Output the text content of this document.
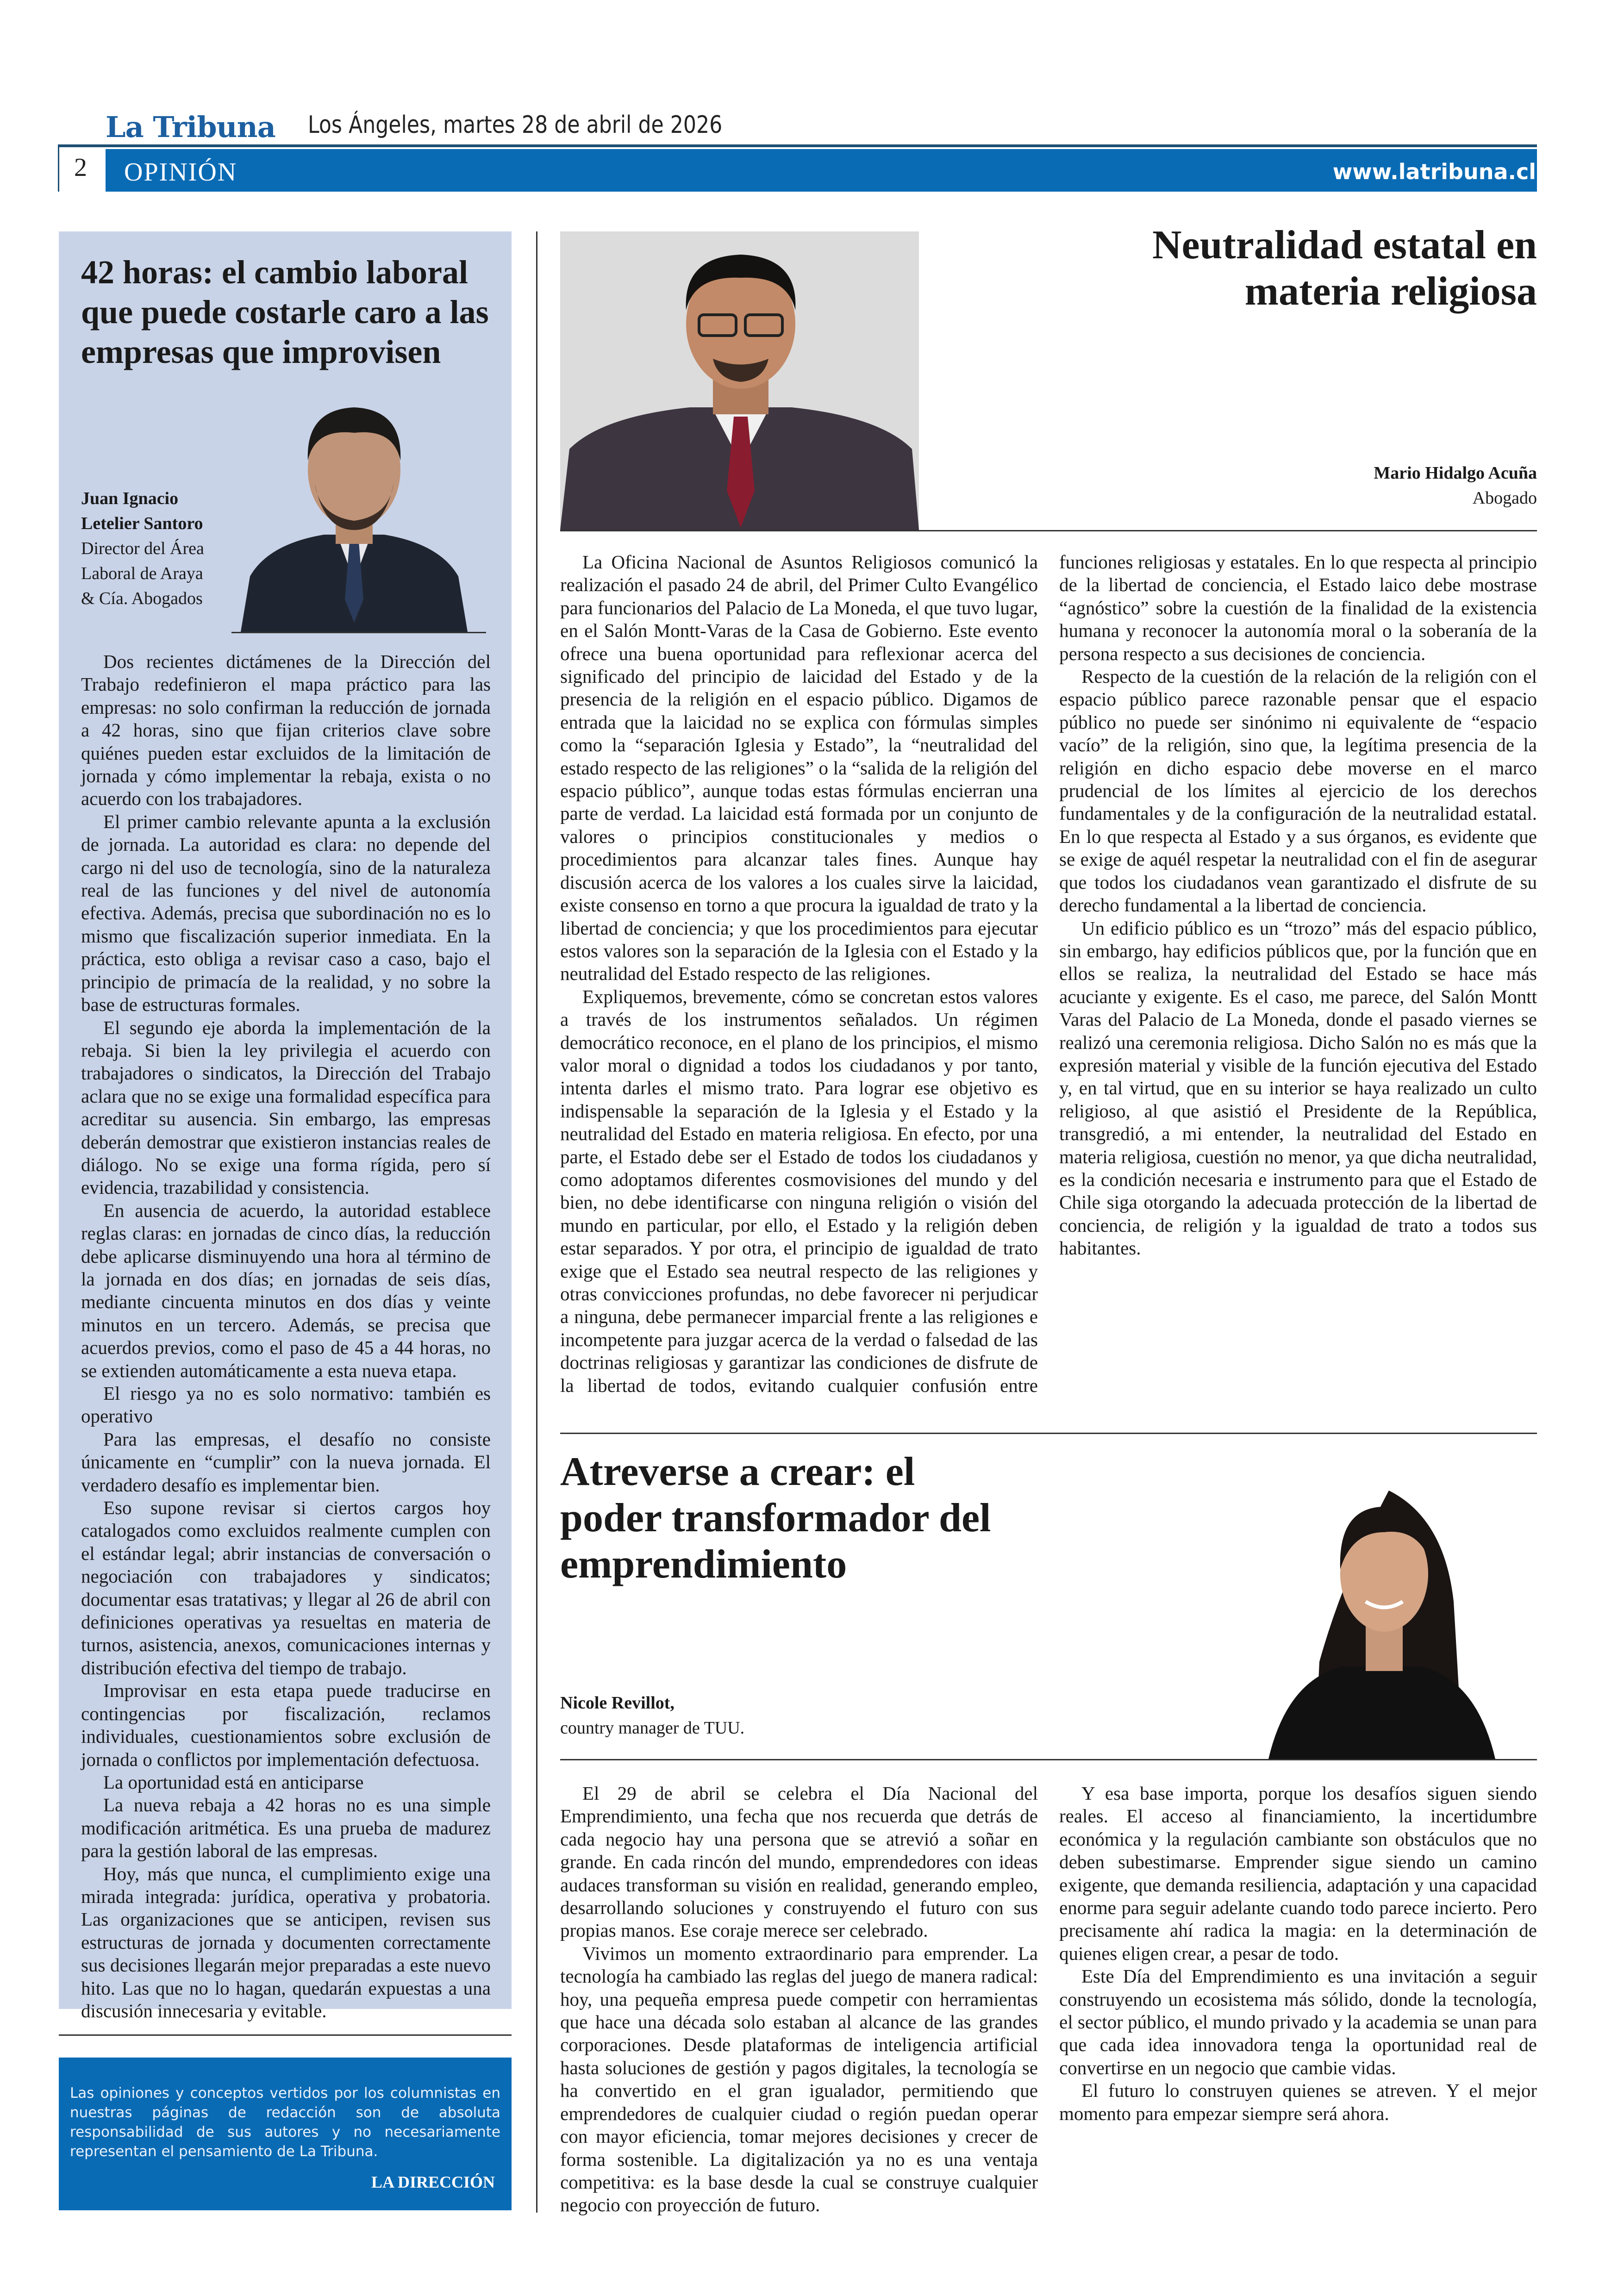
La Tribuna Los Ángeles, martes 28 de abril de 2026
2 OPINIÓN	www.latribuna.cl
42 horas: el cambio laboral que puede costarle caro a las empresas que improvisen
Juan Ignacio
Letelier Santoro
Director del Área
Laboral de Araya
& Cía. Abogados

Dos recientes dictámenes de la Dirección del Trabajo redefinieron el mapa práctico para las empresas: no solo confirman la reducción de jornada a 42 horas, sino que fijan criterios clave sobre quiénes pueden estar excluidos de la limitación de jornada y cómo implementar la rebaja, exista o no acuerdo con los trabajadores.

El primer cambio relevante apunta a la exclusión de jornada. La autoridad es clara: no depende del cargo ni del uso de tecnología, sino de la naturaleza real de las funciones y del nivel de autonomía efectiva. Además, precisa que subordinación no es lo mismo que fiscalización superior inmediata. En la práctica, esto obliga a revisar caso a caso, bajo el principio de primacía de la realidad, y no sobre la base de estructuras formales.

El segundo eje aborda la implementación de la rebaja. Si bien la ley privilegia el acuerdo con trabajadores o sindicatos, la Dirección del Trabajo aclara que no se exige una formalidad específica para acreditar su ausencia. Sin embargo, las empresas deberán demostrar que existieron instancias reales de diálogo. No se exige una forma rígida, pero sí evidencia, trazabilidad y consistencia.

En ausencia de acuerdo, la autoridad establece reglas claras: en jornadas de cinco días, la reducción debe aplicarse disminuyendo una hora al término de la jornada en dos días; en jornadas de seis días, mediante cincuenta minutos en dos días y veinte minutos en un tercero. Además, se precisa que acuerdos previos, como el paso de 45 a 44 horas, no se extienden automáticamente a esta nueva etapa.

El riesgo ya no es solo normativo: también es operativo

Para las empresas, el desafío no consiste únicamente en “cumplir” con la nueva jornada. El verdadero desafío es implementar bien.

Eso supone revisar si ciertos cargos hoy catalogados como excluidos realmente cumplen con el estándar legal; abrir instancias de conversación o negociación con trabajadores y sindicatos; documentar esas tratativas; y llegar al 26 de abril con definiciones operativas ya resueltas en materia de turnos, asistencia, anexos, comunicaciones internas y distribución efectiva del tiempo de trabajo.

Improvisar en esta etapa puede traducirse en contingencias por fiscalización, reclamos individuales, cuestionamientos sobre exclusión de jornada o conflictos por implementación defectuosa.

La oportunidad está en anticiparse

La nueva rebaja a 42 horas no es una simple modificación aritmética. Es una prueba de madurez para la gestión laboral de las empresas.

Hoy, más que nunca, el cumplimiento exige una mirada integrada: jurídica, operativa y probatoria. Las organizaciones que se anticipen, revisen sus estructuras de jornada y documenten correctamente sus decisiones llegarán mejor preparadas a este nuevo hito. Las que no lo hagan, quedarán expuestas a una discusión innecesaria y evitable.

Las opiniones y conceptos vertidos por los columnistas en nuestras páginas de redacción son de absoluta responsabilidad de sus autores y no necesariamente representan el pensamiento de La Tribuna.
LA DIRECCIÓN
Neutralidad estatal en materia religiosa
Mario Hidalgo Acuña
Abogado

La Oficina Nacional de Asuntos Religiosos comunicó la realización el pasado 24 de abril, del Primer Culto Evangélico para funcionarios del Palacio de La Moneda, el que tuvo lugar, en el Salón Montt-Varas de la Casa de Gobierno. Este evento ofrece una buena oportunidad para reflexionar acerca del significado del principio de laicidad del Estado y de la presencia de la religión en el espacio público. Digamos de entrada que la laicidad no se explica con fórmulas simples como la “separación Iglesia y Estado”, la “neutralidad del estado respecto de las religiones” o la “salida de la religión del espacio público”, aunque todas estas fórmulas encierran una parte de verdad. La laicidad está formada por un conjunto de valores o principios constitucionales y medios o procedimientos para alcanzar tales fines. Aunque hay discusión acerca de los valores a los cuales sirve la laicidad, existe consenso en torno a que procura la igualdad de trato y la libertad de conciencia; y que los procedimientos para ejecutar estos valores son la separación de la Iglesia con el Estado y la neutralidad del Estado respecto de las religiones.

Expliquemos, brevemente, cómo se concretan estos valores a través de los instrumentos señalados. Un régimen democrático reconoce, en el plano de los principios, el mismo valor moral o dignidad a todos los ciudadanos y por tanto, intenta darles el mismo trato. Para lograr ese objetivo es indispensable la separación de la Iglesia y el Estado y la neutralidad del Estado en materia religiosa. En efecto, por una parte, el Estado debe ser el Estado de todos los ciudadanos y como adoptamos diferentes cosmovisiones del mundo y del bien, no debe identificarse con ninguna religión o visión del mundo en particular, por ello, el Estado y la religión deben estar separados. Y por otra, el principio de igualdad de trato exige que el Estado sea neutral respecto de las religiones y otras convicciones profundas, no debe favorecer ni perjudicar a ninguna, debe permanecer imparcial frente a las religiones e incompetente para juzgar acerca de la verdad o falsedad de las doctrinas religiosas y garantizar las condiciones de disfrute de la libertad de todos, evitando cualquier confusión entre funciones religiosas y estatales. En lo que respecta al principio de la libertad de conciencia, el Estado laico debe mostrase “agnóstico” sobre la cuestión de la finalidad de la existencia humana y reconocer la autonomía moral o la soberanía de la persona respecto a sus decisiones de conciencia.

Respecto de la cuestión de la relación de la religión con el espacio público parece razonable pensar que el espacio público no puede ser sinónimo ni equivalente de “espacio vacío” de la religión, sino que, la legítima presencia de la religión en dicho espacio debe moverse en el marco prudencial de los límites al ejercicio de los derechos fundamentales y de la configuración de la neutralidad estatal. En lo que respecta al Estado y a sus órganos, es evidente que se exige de aquél respetar la neutralidad con el fin de asegurar que todos los ciudadanos vean garantizado el disfrute de su derecho fundamental a la libertad de conciencia.

Un edificio público es un “trozo” más del espacio público, sin embargo, hay edificios públicos que, por la función que en ellos se realiza, la neutralidad del Estado se hace más acuciante y exigente. Es el caso, me parece, del Salón Montt Varas del Palacio de La Moneda, donde el pasado viernes se realizó una ceremonia religiosa. Dicho Salón no es más que la expresión material y visible de la función ejecutiva del Estado y, en tal virtud, que en su interior se haya realizado un culto religioso, al que asistió el Presidente de la República, transgredió, a mi entender, la neutralidad del Estado en materia religiosa, cuestión no menor, ya que dicha neutralidad, es la condición necesaria e instrumento para que el Estado de Chile siga otorgando la adecuada protección de la libertad de conciencia, de religión y la igualdad de trato a todos sus habitantes.

Atreverse a crear: el poder transformador del emprendimiento
Nicole Revillot,
country manager de TUU.

El 29 de abril se celebra el Día Nacional del Emprendimiento, una fecha que nos recuerda que detrás de cada negocio hay una persona que se atrevió a soñar en grande. En cada rincón del mundo, emprendedores con ideas audaces transforman su visión en realidad, generando empleo, desarrollando soluciones y construyendo el futuro con sus propias manos. Ese coraje merece ser celebrado.

Vivimos un momento extraordinario para emprender. La tecnología ha cambiado las reglas del juego de manera radical: hoy, una pequeña empresa puede competir con herramientas que hace una década solo estaban al alcance de las grandes corporaciones. Desde plataformas de inteligencia artificial hasta soluciones de gestión y pagos digitales, la tecnología se ha convertido en el gran igualador, permitiendo que emprendedores de cualquier ciudad o región puedan operar con mayor eficiencia, tomar mejores decisiones y crecer de forma sostenible. La digitalización ya no es una ventaja competitiva: es la base desde la cual se construye cualquier negocio con proyección de futuro.

Y esa base importa, porque los desafíos siguen siendo reales. El acceso al financiamiento, la incertidumbre económica y la regulación cambiante son obstáculos que no deben subestimarse. Emprender sigue siendo un camino exigente, que demanda resiliencia, adaptación y una capacidad enorme para seguir adelante cuando todo parece incierto. Pero precisamente ahí radica la magia: en la determinación de quienes eligen crear, a pesar de todo.

Este Día del Emprendimiento es una invitación a seguir construyendo un ecosistema más sólido, donde la tecnología, el sector público, el mundo privado y la academia se unan para que cada idea innovadora tenga la oportunidad real de convertirse en un negocio que cambie vidas.

El futuro lo construyen quienes se atreven. Y el mejor momento para empezar siempre será ahora.
